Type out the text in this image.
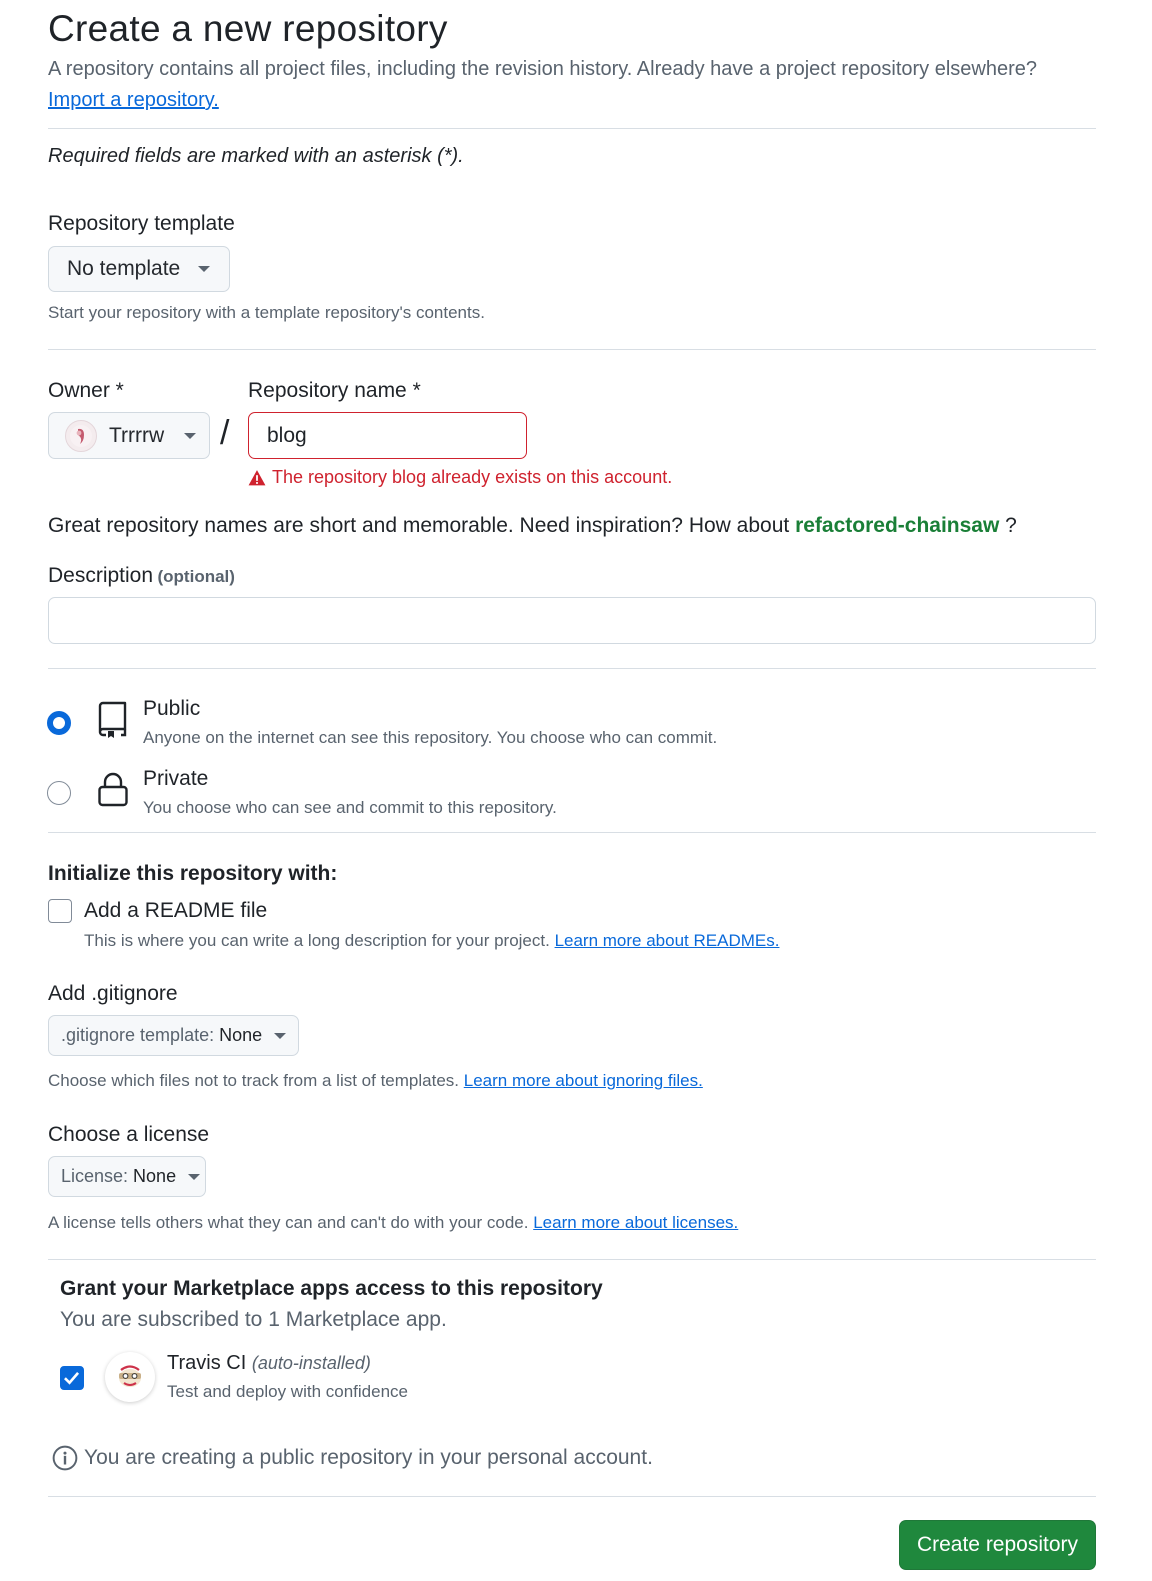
Create a new repository
A repository contains all project files, including the revision history. Already have a project repository elsewhere?
Import a repository.
Required fields are marked with an asterisk (*).
Repository template
No template
Start your repository with a template repository's contents.
Owner *	Repository name *
Trrrrw /
blog
The repository blog already exists on this account.
Great repository names are short and memorable. Need inspiration? How about refactored-chainsaw ?
Description (optional)
Public
Anyone on the internet can see this repository. You choose who can commit.
Private
You choose who can see and commit to this repository.
Initialize this repository with:
Add a README file
This is where you can write a long description for your project. Learn more about READMEs.
Add .gitignore
.gitignore template: None
Choose which files not to track from a list of templates. Learn more about ignoring files.
Choose a license
License: None
A license tells others what they can and can't do with your code. Learn more about licenses.
Grant your Marketplace apps access to this repository
You are subscribed to 1 Marketplace app.
Travis CI (auto-installed)
Test and deploy with confidence
You are creating a public repository in your personal account.
Create repository
